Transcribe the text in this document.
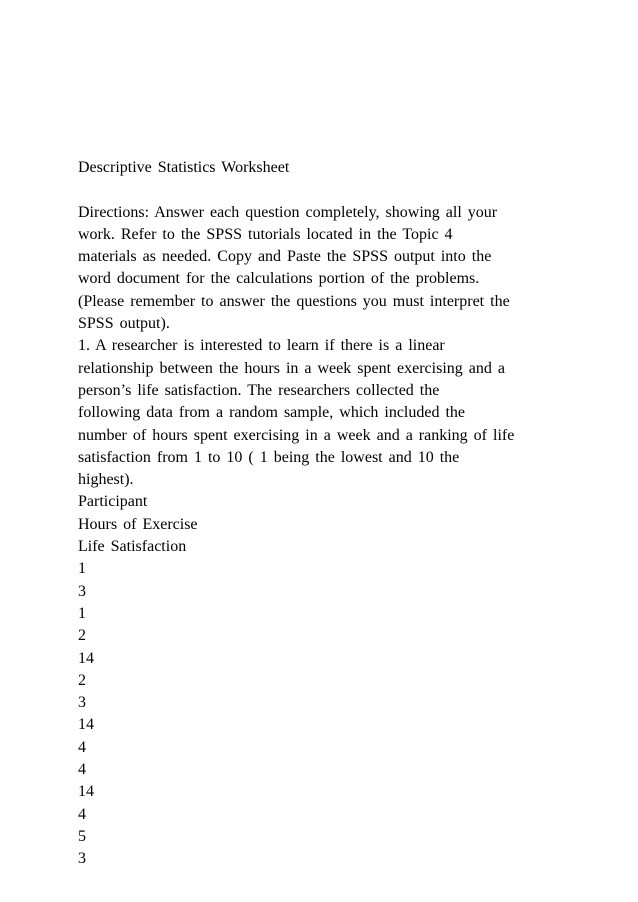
Descriptive Statistics Worksheet
Directions: Answer each question completely, showing all your
work. Refer to the SPSS tutorials located in the Topic 4
materials as needed. Copy and Paste the SPSS output into the
word document for the calculations portion of the problems.
(Please remember to answer the questions you must interpret the
SPSS output).
1. A researcher is interested to learn if there is a linear
relationship between the hours in a week spent exercising and a
person’s life satisfaction. The researchers collected the
following data from a random sample, which included the
number of hours spent exercising in a week and a ranking of life
satisfaction from 1 to 10 ( 1 being the lowest and 10 the
highest).
Participant
Hours of Exercise
Life Satisfaction
1
3
1
2
14
2
3
14
4
4
14
4
5
3
